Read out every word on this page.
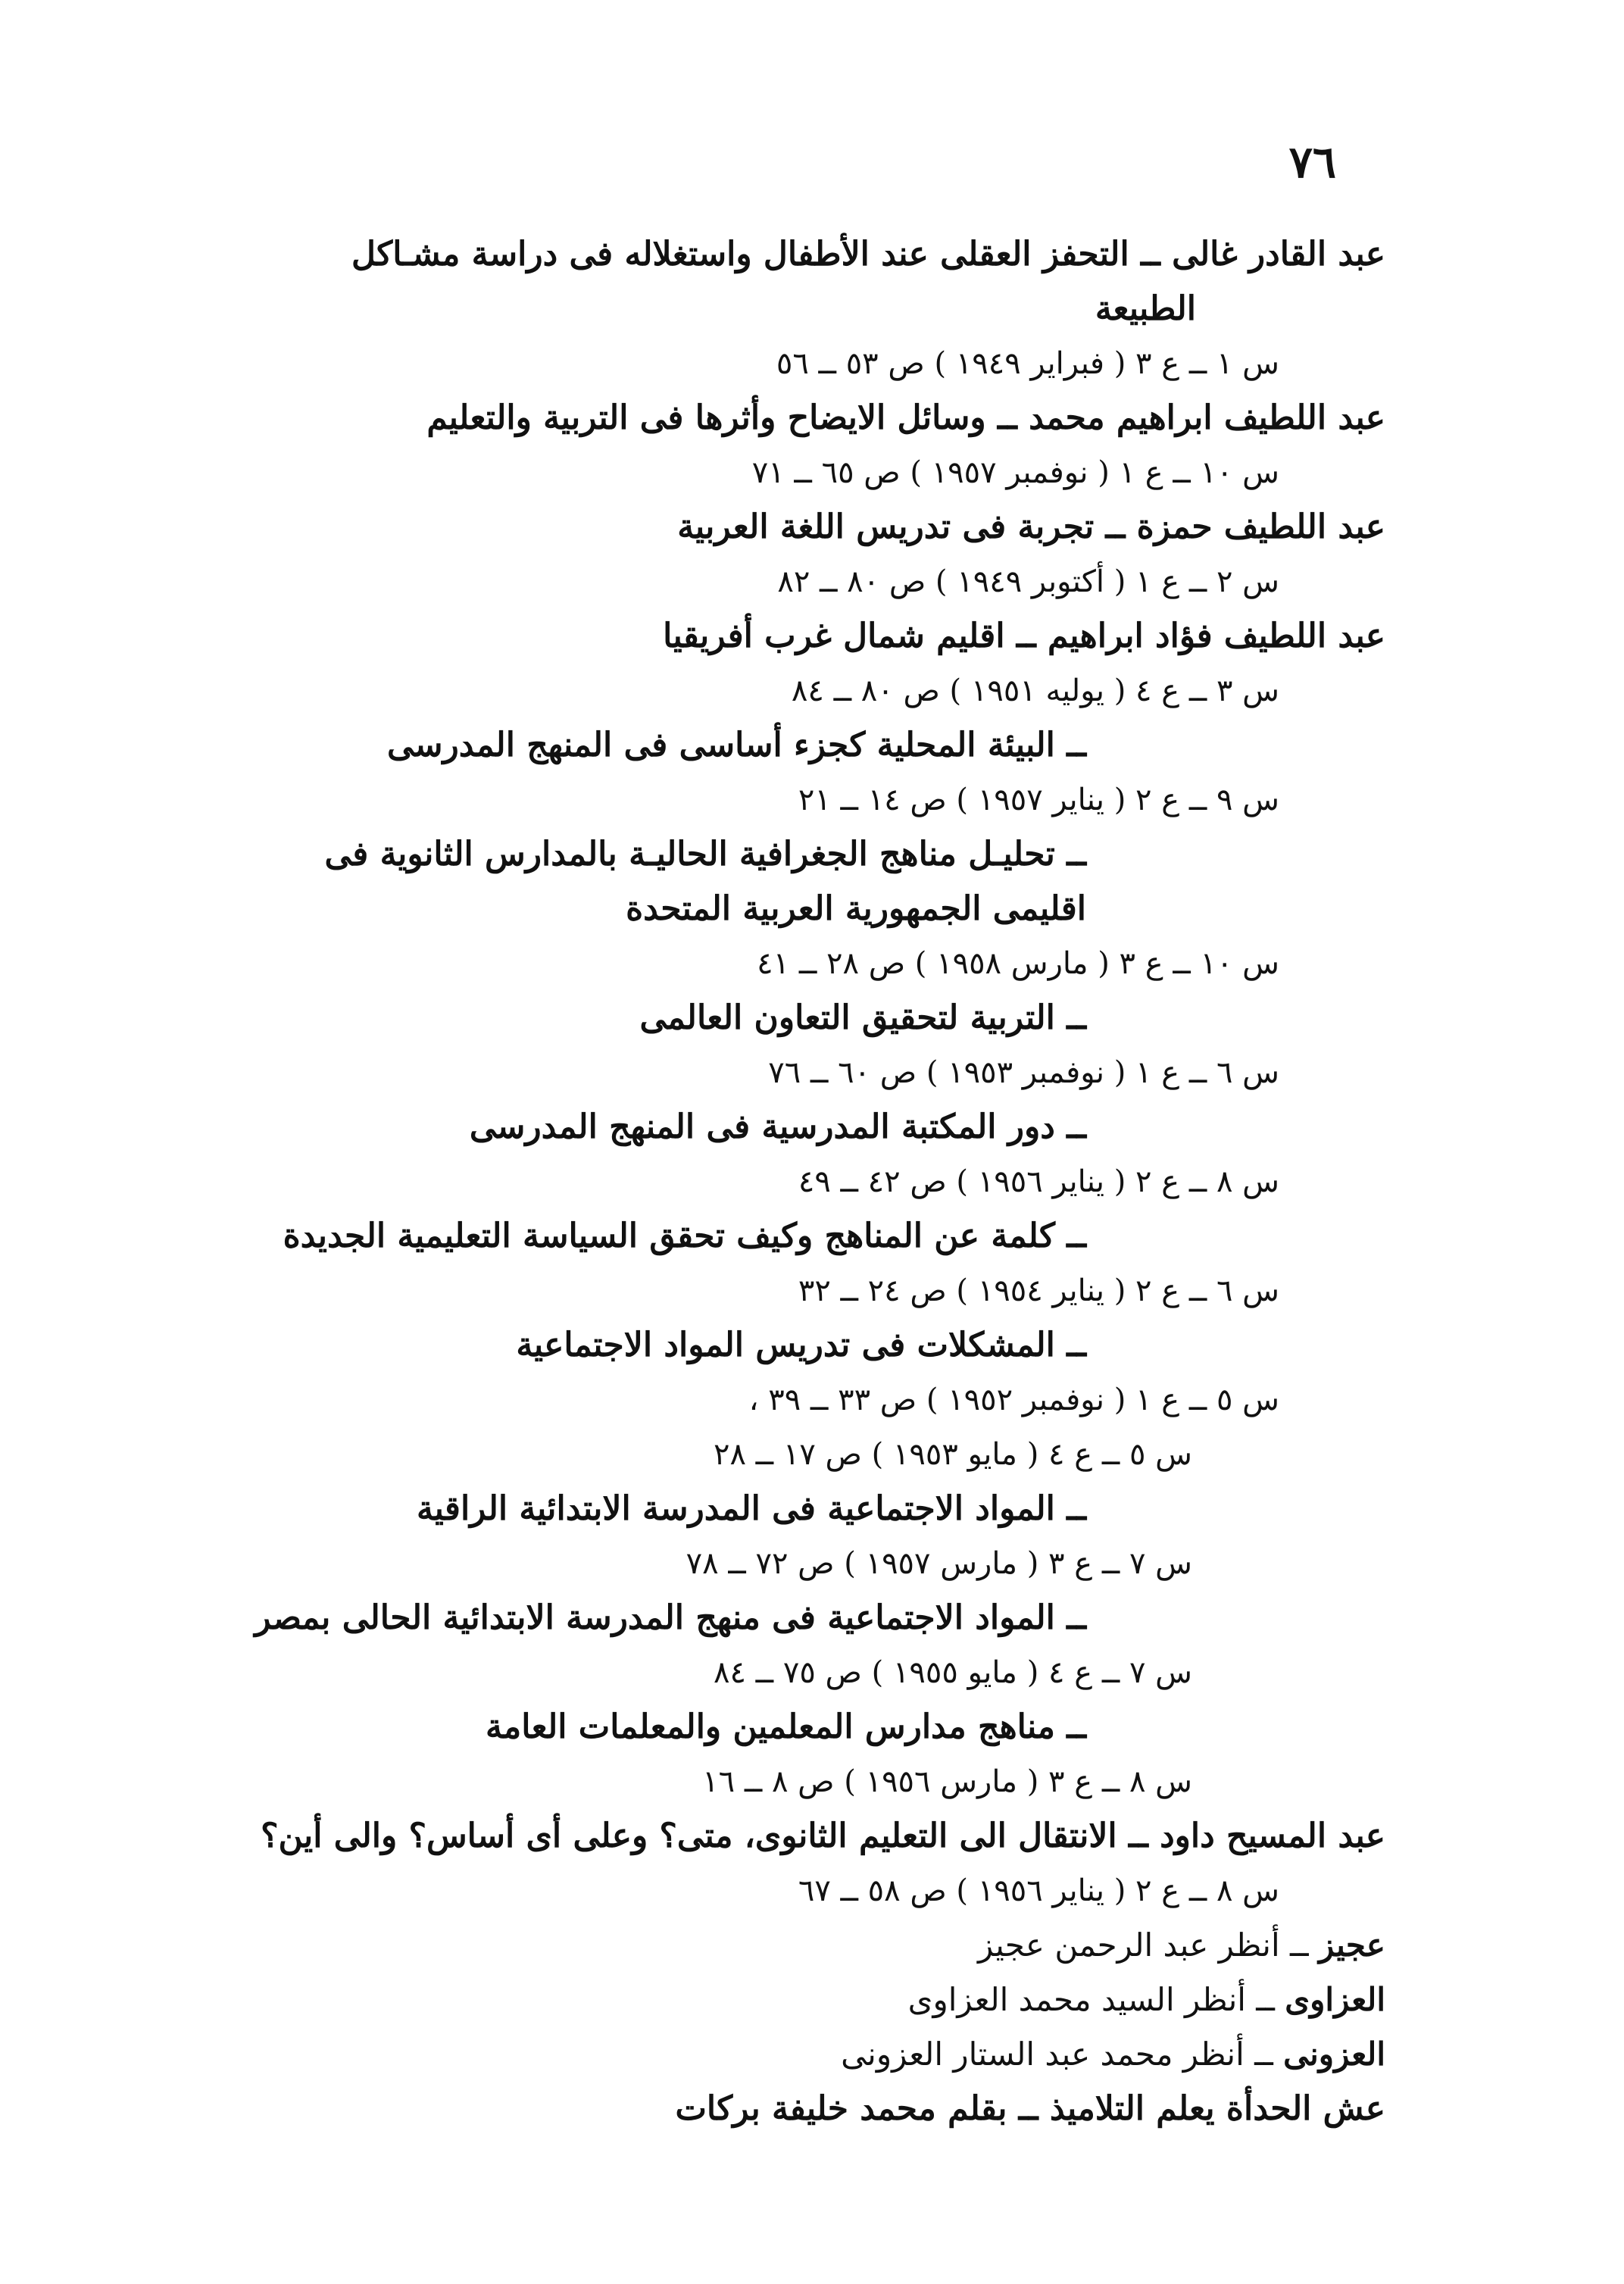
٧٦
عبد القادر غالى ــ التحفز العقلى عند الأطفال واستغلاله فى دراسة مشـاكل
الطبيعة
س ١ ــ ع ٣ ( فبراير ١٩٤٩ ) ص ٥٣ ــ ٥٦
عبد اللطيف ابراهيم محمد ــ وسائل الايضاح وأثرها فى التربية والتعليم
س ١٠ ــ ع ١ ( نوفمبر ١٩٥٧ ) ص ٦٥ ــ ٧١
عبد اللطيف حمزة ــ تجربة فى تدريس اللغة العربية
س ٢ ــ ع ١ ( أكتوبر ١٩٤٩ ) ص ٨٠ ــ ٨٢
عبد اللطيف فؤاد ابراهيم ــ اقليم شمال غرب أفريقيا
س ٣ ــ ع ٤ ( يوليه ١٩٥١ ) ص ٨٠ ــ ٨٤
ــ البيئة المحلية كجزء أساسى فى المنهج المدرسى
س ٩ ــ ع ٢ ( يناير ١٩٥٧ ) ص ١٤ ــ ٢١
ــ تحليـل مناهج الجغرافية الحاليـة بالمدارس الثانوية فى
اقليمى الجمهورية العربية المتحدة
س ١٠ ــ ع ٣ ( مارس ١٩٥٨ ) ص ٢٨ ــ ٤١
ــ التربية لتحقيق التعاون العالمى
س ٦ ــ ع ١ ( نوفمبر ١٩٥٣ ) ص ٦٠ ــ ٧٦
ــ دور المكتبة المدرسية فى المنهج المدرسى
س ٨ ــ ع ٢ ( يناير ١٩٥٦ ) ص ٤٢ ــ ٤٩
ــ كلمة عن المناهج وكيف تحقق السياسة التعليمية الجديدة
س ٦ ــ ع ٢ ( يناير ١٩٥٤ ) ص ٢٤ ــ ٣٢
ــ المشكلات فى تدريس المواد الاجتماعية
س ٥ ــ ع ١ ( نوفمبر ١٩٥٢ ) ص ٣٣ ــ ٣٩ ،
س ٥ ــ ع ٤ ( مايو ١٩٥٣ ) ص ١٧ ــ ٢٨
ــ المواد الاجتماعية فى المدرسة الابتدائية الراقية
س ٧ ــ ع ٣ ( مارس ١٩٥٧ ) ص ٧٢ ــ ٧٨
ــ المواد الاجتماعية فى منهج المدرسة الابتدائية الحالى بمصر
س ٧ ــ ع ٤ ( مايو ١٩٥٥ ) ص ٧٥ ــ ٨٤
ــ مناهج مدارس المعلمين والمعلمات العامة
س ٨ ــ ع ٣ ( مارس ١٩٥٦ ) ص ٨ ــ ١٦
عبد المسيح داود ــ الانتقال الى التعليم الثانوى، متى؟ وعلى أى أساس؟ والى أين؟
س ٨ ــ ع ٢ ( يناير ١٩٥٦ ) ص ٥٨ ــ ٦٧
عجيز ــ أنظر عبد الرحمن عجيز
العزاوى ــ أنظر السيد محمد العزاوى
العزونى ــ أنظر محمد عبد الستار العزونى
عش الحدأة يعلم التلاميذ ــ بقلم محمد خليفة بركات
